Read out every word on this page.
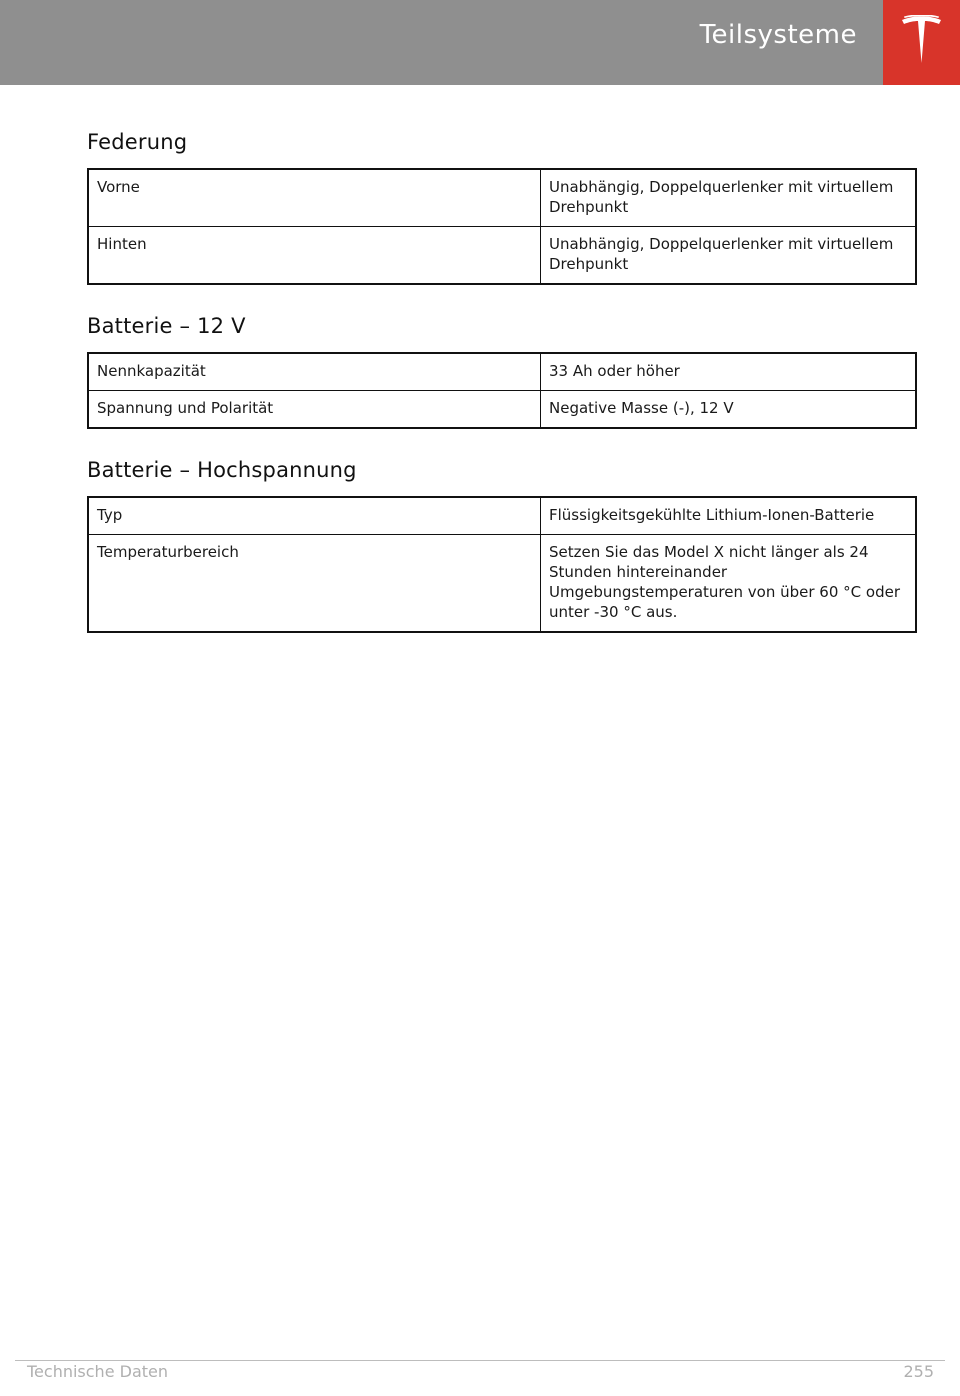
Teilsysteme
Federung
Vorne	Unabhängig, Doppelquerlenker mit virtuellem Drehpunkt
Hinten	Unabhängig, Doppelquerlenker mit virtuellem Drehpunkt
Batterie – 12 V
Nennkapazität	33 Ah oder höher
Spannung und Polarität	Negative Masse (-), 12 V
Batterie – Hochspannung
Typ	Flüssigkeitsgekühlte Lithium-Ionen-Batterie
Temperaturbereich	Setzen Sie das Model X nicht länger als 24 Stunden hintereinander Umgebungstemperaturen von über 60 °C oder unter -30 °C aus.
Technische Daten	255
